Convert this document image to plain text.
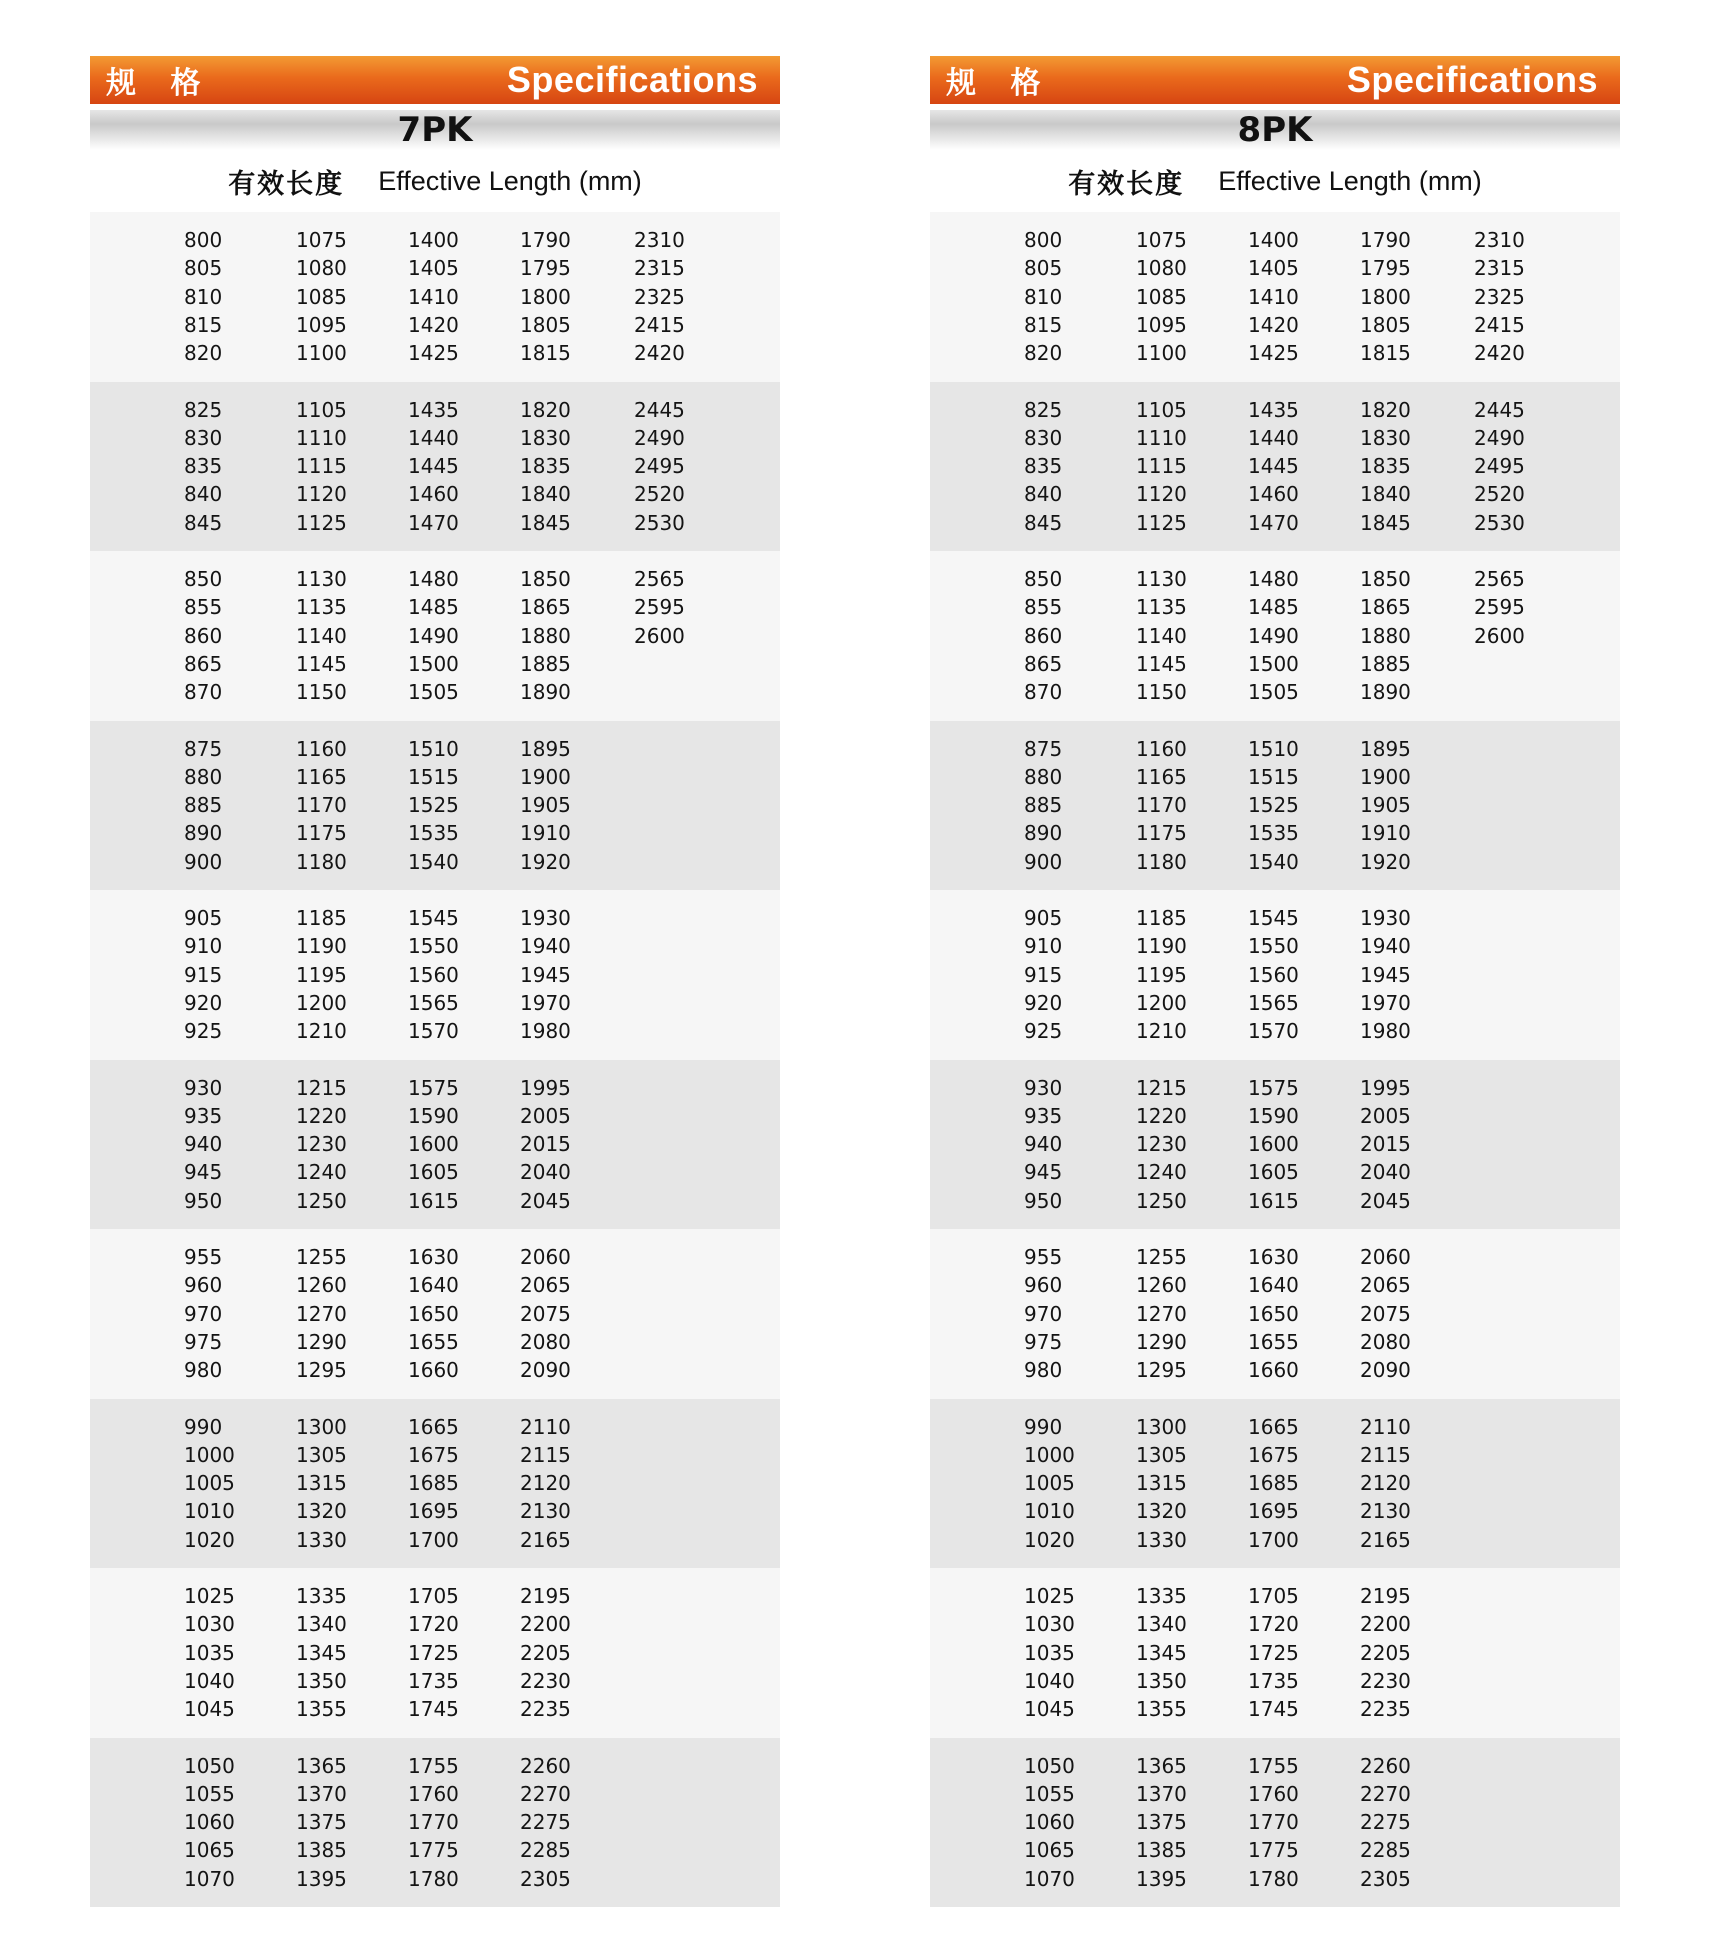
规 格	Specifications
7PK
有效长度 Effective Length (mm)
800	1075	1400	1790	2310
805	1080	1405	1795	2315
810	1085	1410	1800	2325
815	1095	1420	1805	2415
820	1100	1425	1815	2420
825	1105	1435	1820	2445
830	1110	1440	1830	2490
835	1115	1445	1835	2495
840	1120	1460	1840	2520
845	1125	1470	1845	2530
850	1130	1480	1850	2565
855	1135	1485	1865	2595
860	1140	1490	1880	2600
865	1145	1500	1885
870	1150	1505	1890
875	1160	1510	1895
880	1165	1515	1900
885	1170	1525	1905
890	1175	1535	1910
900	1180	1540	1920
905	1185	1545	1930
910	1190	1550	1940
915	1195	1560	1945
920	1200	1565	1970
925	1210	1570	1980
930	1215	1575	1995
935	1220	1590	2005
940	1230	1600	2015
945	1240	1605	2040
950	1250	1615	2045
955	1255	1630	2060
960	1260	1640	2065
970	1270	1650	2075
975	1290	1655	2080
980	1295	1660	2090
990	1300	1665	2110
1000	1305	1675	2115
1005	1315	1685	2120
1010	1320	1695	2130
1020	1330	1700	2165
1025	1335	1705	2195
1030	1340	1720	2200
1035	1345	1725	2205
1040	1350	1735	2230
1045	1355	1745	2235
1050	1365	1755	2260
1055	1370	1760	2270
1060	1375	1770	2275
1065	1385	1775	2285
1070	1395	1780	2305
规 格	Specifications
8PK
有效长度 Effective Length (mm)
800	1075	1400	1790	2310
805	1080	1405	1795	2315
810	1085	1410	1800	2325
815	1095	1420	1805	2415
820	1100	1425	1815	2420
825	1105	1435	1820	2445
830	1110	1440	1830	2490
835	1115	1445	1835	2495
840	1120	1460	1840	2520
845	1125	1470	1845	2530
850	1130	1480	1850	2565
855	1135	1485	1865	2595
860	1140	1490	1880	2600
865	1145	1500	1885
870	1150	1505	1890
875	1160	1510	1895
880	1165	1515	1900
885	1170	1525	1905
890	1175	1535	1910
900	1180	1540	1920
905	1185	1545	1930
910	1190	1550	1940
915	1195	1560	1945
920	1200	1565	1970
925	1210	1570	1980
930	1215	1575	1995
935	1220	1590	2005
940	1230	1600	2015
945	1240	1605	2040
950	1250	1615	2045
955	1255	1630	2060
960	1260	1640	2065
970	1270	1650	2075
975	1290	1655	2080
980	1295	1660	2090
990	1300	1665	2110
1000	1305	1675	2115
1005	1315	1685	2120
1010	1320	1695	2130
1020	1330	1700	2165
1025	1335	1705	2195
1030	1340	1720	2200
1035	1345	1725	2205
1040	1350	1735	2230
1045	1355	1745	2235
1050	1365	1755	2260
1055	1370	1760	2270
1060	1375	1770	2275
1065	1385	1775	2285
1070	1395	1780	2305
